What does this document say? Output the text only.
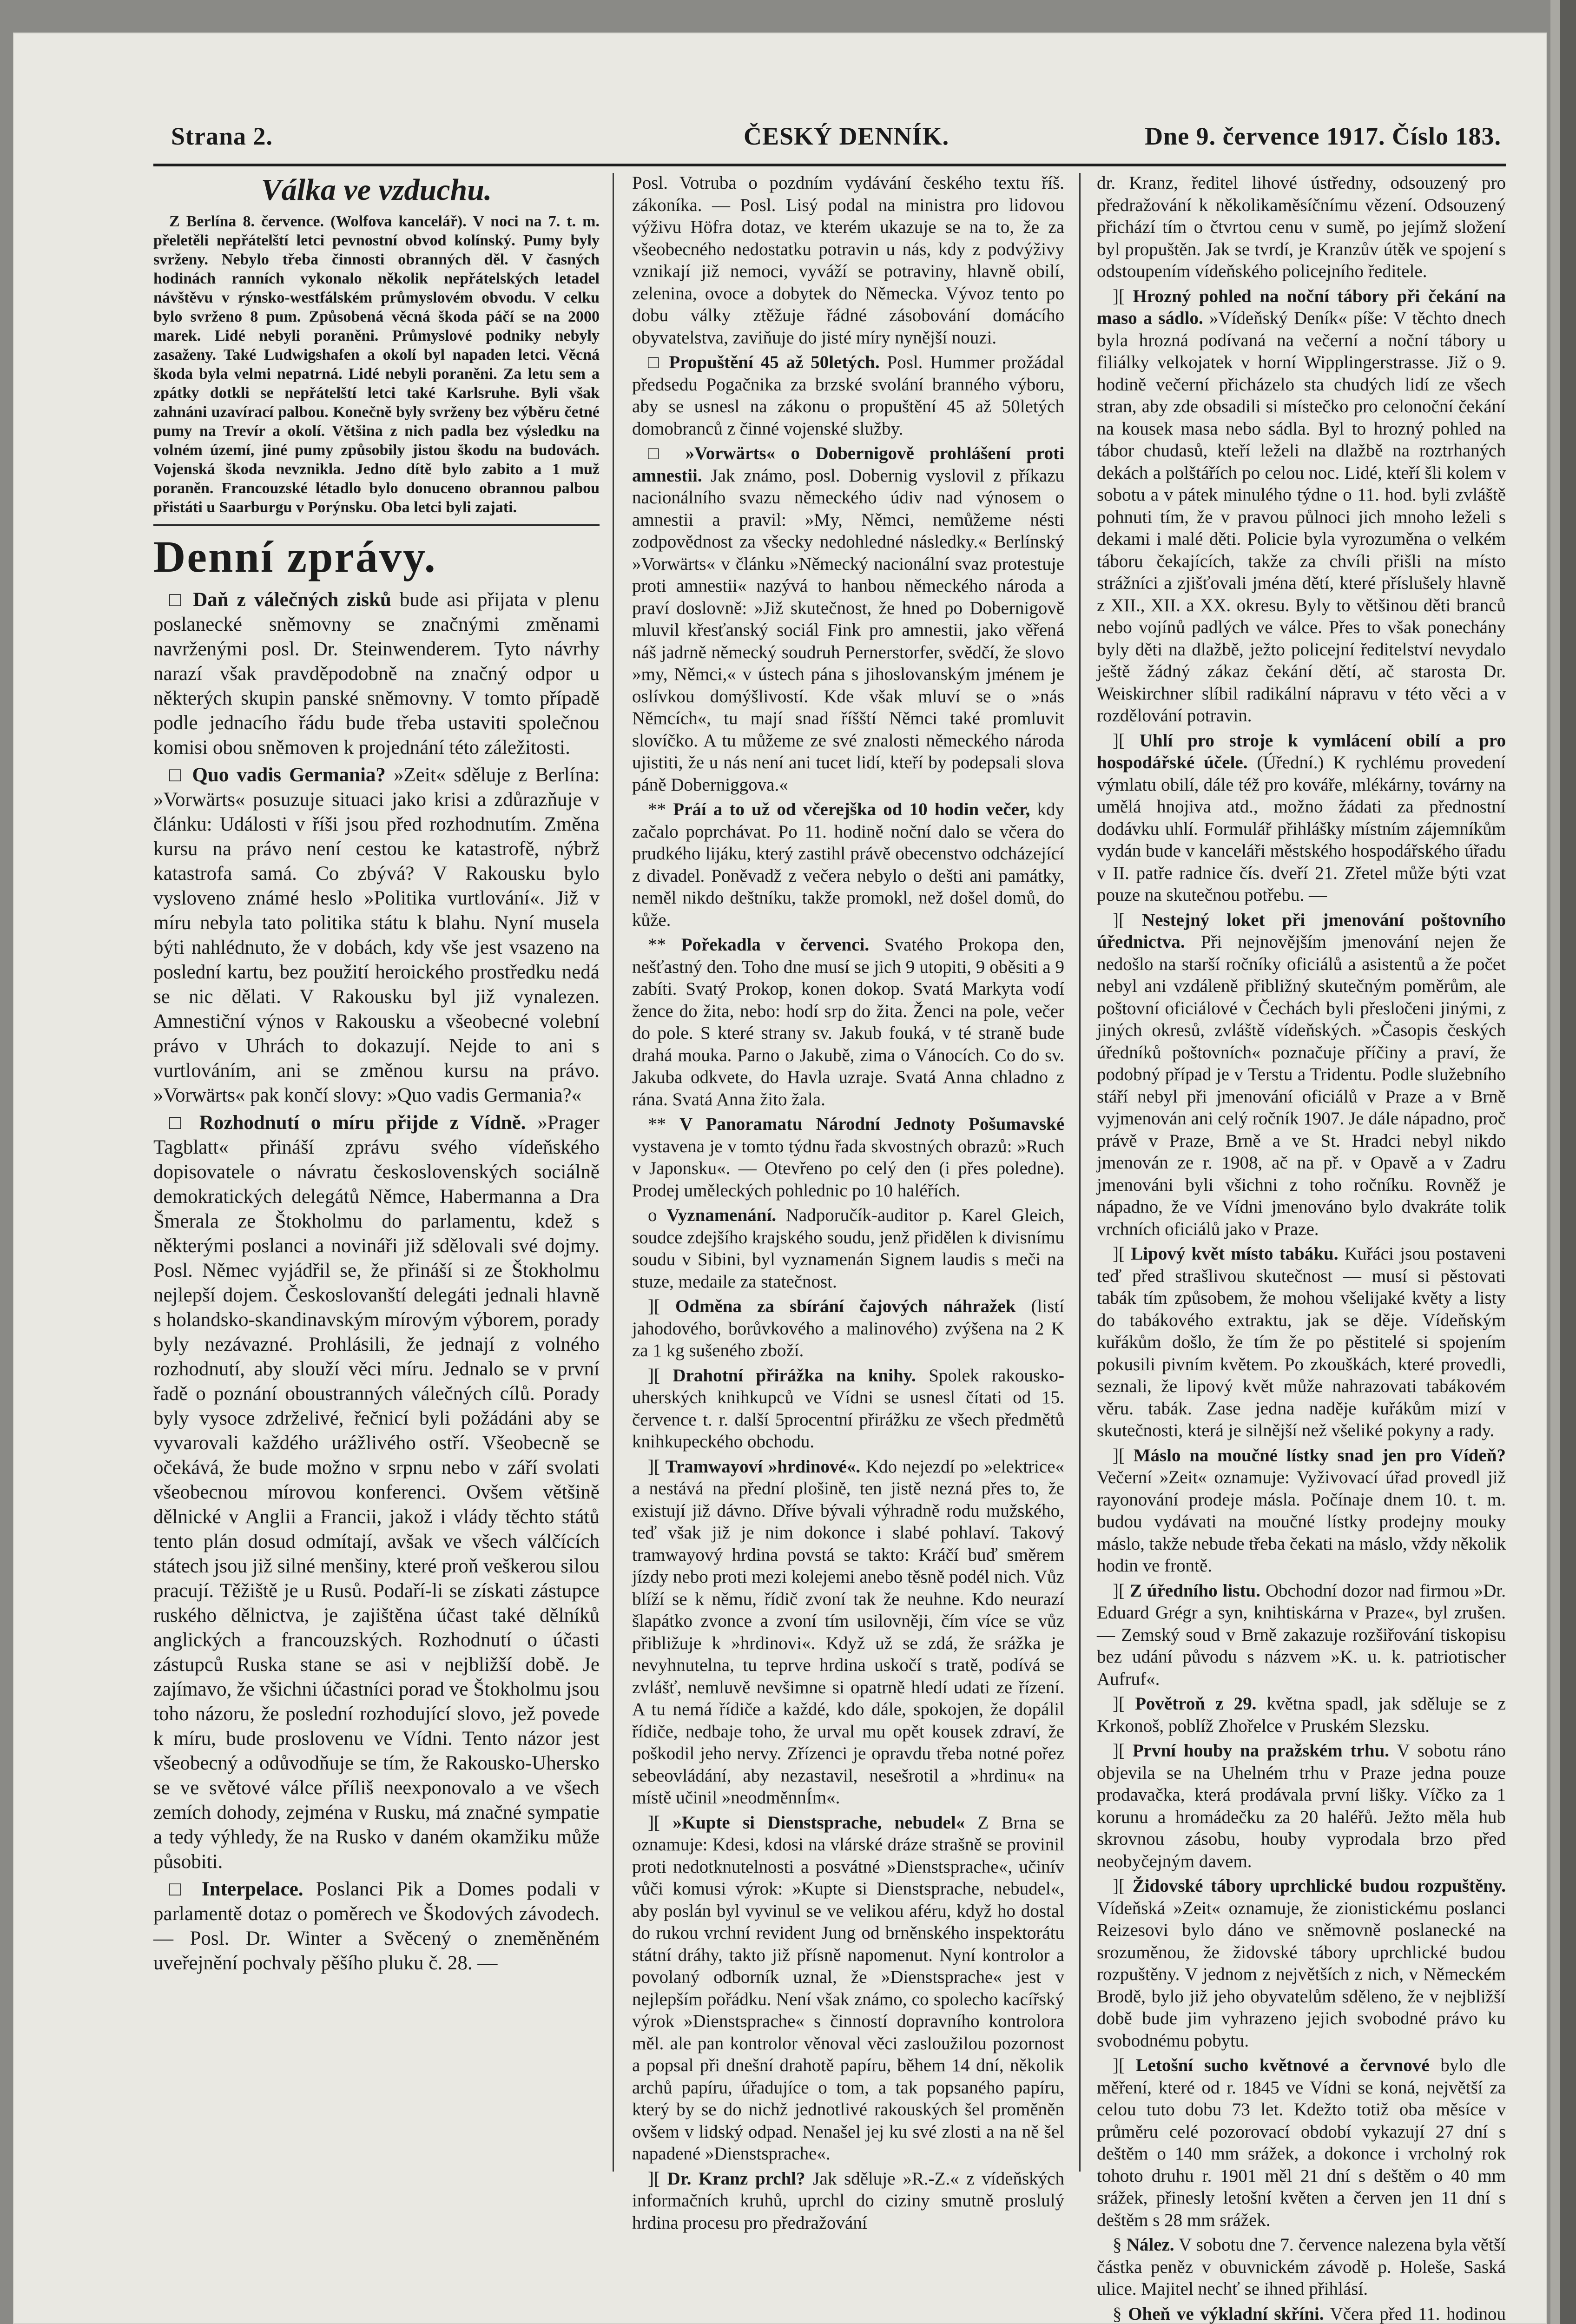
Strana 2.	ČESKÝ DENNÍK.	Dne 9. července 1917. Číslo 183.
Válka ve vzduchu.

Z Berlína 8. července. (Wolfova kancelář). V noci na 7. t. m. přeletěli nepřátelští letci pevnostní obvod kolínský. Pumy byly svrženy. Nebylo třeba činnosti obranných děl. V časných hodinách ranních vykonalo několik nepřátelských letadel návštěvu v rýnsko-westfálském průmyslovém obvodu. V celku bylo svrženo 8 pum. Způsobená věcná škoda páčí se na 2000 marek. Lidé nebyli poraněni. Průmyslové podniky nebyly zasaženy. Také Ludwigshafen a okolí byl napaden letci. Věcná škoda byla velmi nepatrná. Lidé nebyli poraněni. Za letu sem a zpátky dotkli se nepřátelští letci také Karlsruhe. Byli však zahnáni uzavírací palbou. Konečně byly svrženy bez výběru četné pumy na Trevír a okolí. Většina z nich padla bez výsledku na volném území, jiné pumy způsobily jistou škodu na budovách. Vojenská škoda nevznikla. Jedno dítě bylo zabito a 1 muž poraněn. Francouzské létadlo bylo donuceno obrannou palbou přistáti u Saarburgu v Porýnsku. Oba letci byli zajati.

Denní zprávy.

□ Daň z válečných zisků bude asi přijata v plenu poslanecké sněmovny se značnými změnami navrženými posl. Dr. Steinwenderem. Tyto návrhy narazí však pravděpodobně na značný odpor u některých skupin panské sněmovny. V tomto případě podle jednacího řádu bude třeba ustaviti společnou komisi obou sněmoven k projednání této záležitosti.

□ Quo vadis Germania? »Zeit« sděluje z Berlína: »Vorwärts« posuzuje situaci jako krisi a zdůrazňuje v článku: Události v říši jsou před rozhodnutím. Změna kursu na právo není cestou ke katastrofě, nýbrž katastrofa samá. Co zbývá? V Rakousku bylo vysloveno známé heslo »Politika vurtlování«. Již v míru nebyla tato politika státu k blahu. Nyní musela býti nahlédnuto, že v dobách, kdy vše jest vsazeno na poslední kartu, bez použití heroického prostředku nedá se nic dělati. V Rakousku byl již vynalezen. Amnestiční výnos v Rakousku a všeobecné volební právo v Uhrách to dokazují. Nejde to ani s vurtlováním, ani se změnou kursu na právo. »Vorwärts« pak končí slovy: »Quo vadis Germania?«

□ Rozhodnutí o míru přijde z Vídně. »Prager Tagblatt« přináší zprávu svého vídeňského dopisovatele o návratu československých sociálně demokratických delegátů Němce, Habermanna a Dra Šmerala ze Štokholmu do parlamentu, kdež s některými poslanci a novináři již sdělovali své dojmy. Posl. Němec vyjádřil se, že přináší si ze Štokholmu nejlepší dojem. Českoslovanští delegáti jednali hlavně s holandsko-skandinavským mírovým výborem, porady byly nezávazné. Prohlásili, že jednají z volného rozhodnutí, aby slouží věci míru. Jednalo se v první řadě o poznání oboustranných válečných cílů. Porady byly vysoce zdrželivé, řečnicí byli požádáni aby se vyvarovali každého urážlivého ostří. Všeobecně se očekává, že bude možno v srpnu nebo v září svolati všeobecnou mírovou konferenci. Ovšem většině dělnické v Anglii a Francii, jakož i vlády těchto států tento plán dosud odmítají, avšak ve všech válčících státech jsou již silné menšiny, které proň veškerou silou pracují. Těžiště je u Rusů. Podaří-li se získati zástupce ruského dělnictva, je zajištěna účast také dělníků anglických a francouzských. Rozhodnutí o účasti zástupců Ruska stane se asi v nejbližší době. Je zajímavo, že všichni účastníci porad ve Štokholmu jsou toho názoru, že poslední rozhodující slovo, jež povede k míru, bude proslovenu ve Vídni. Tento názor jest všeobecný a odůvodňuje se tím, že Rakousko-Uhersko se ve světové válce příliš neexponovalo a ve všech zemích dohody, zejména v Rusku, má značné sympatie a tedy výhledy, že na Rusko v daném okamžiku může působiti.

□ Interpelace. Poslanci Pik a Domes podali v parlamentě dotaz o poměrech ve Škodových závodech. — Posl. Dr. Winter a Svěcený o zneměněném uveřejnění pochvaly pěšího pluku č. 28. —

Posl. Votruba o pozdním vydávání českého textu říš. zákoníka. — Posl. Lisý podal na ministra pro lidovou výživu Höfra dotaz, ve kterém ukazuje se na to, že za všeobecného nedostatku potravin u nás, kdy z podvýživy vznikají již nemoci, vyváží se potraviny, hlavně obilí, zelenina, ovoce a dobytek do Německa. Vývoz tento po dobu války ztěžuje řádné zásobování domácího obyvatelstva, zaviňuje do jisté míry nynější nouzi.

□ Propuštění 45 až 50letých. Posl. Hummer prožádal předsedu Pogačnika za brzské svolání branného výboru, aby se usnesl na zákonu o propuštění 45 až 50letých domobranců z činné vojenské služby.

□ »Vorwärts« o Dobernigově prohlášení proti amnestii. Jak známo, posl. Dobernig vyslovil z příkazu nacionálního svazu německého údiv nad výnosem o amnestii a pravil: »My, Němci, nemůžeme nésti zodpovědnost za všecky nedohledné následky.« Berlínský »Vorwärts« v článku »Německý nacionální svaz protestuje proti amnestii« nazývá to hanbou německého národa a praví doslovně: »Již skutečnost, že hned po Dobernigově mluvil křesťanský sociál Fink pro amnestii, jako věřená náš jadrně německý soudruh Pernerstorfer, svědčí, že slovo »my, Němci,« v ústech pána s jihoslovanským jménem je oslívkou domýšlivostí. Kde však mluví se o »nás Němcích«, tu mají snad říšští Němci také promluvit slovíčko. A tu můžeme ze své znalosti německého národa ujistiti, že u nás není ani tucet lidí, kteří by podepsali slova páně Doberniggova.«

** Práí a to už od včerejška od 10 hodin večer, kdy začalo poprchávat. Po 11. hodině noční dalo se včera do prudkého lijáku, který zastihl právě obecenstvo odcházející z divadel. Poněvadž z večera nebylo o dešti ani památky, neměl nikdo deštníku, takže promokl, než došel domů, do kůže.

** Pořekadla v červenci. Svatého Prokopa den, nešťastný den. Toho dne musí se jich 9 utopiti, 9 oběsiti a 9 zabíti. Svatý Prokop, konen dokop. Svatá Markyta vodí žence do žita, nebo: hodí srp do žita. Ženci na pole, večer do pole. S které strany sv. Jakub fouká, v té straně bude drahá mouka. Parno o Jakubě, zima o Vánocích. Co do sv. Jakuba odkvete, do Havla uzraje. Svatá Anna chladno z rána. Svatá Anna žito žala.

** V Panoramatu Národní Jednoty Pošumavské vystavena je v tomto týdnu řada skvostných obrazů: »Ruch v Japonsku«. — Otevřeno po celý den (i přes poledne). Prodej uměleckých pohlednic po 10 haléřích.

o Vyznamenání. Nadporučík-auditor p. Karel Gleich, soudce zdejšího krajského soudu, jenž přidělen k divisnímu soudu v Sibini, byl vyznamenán Signem laudis s meči na stuze, medaile za statečnost.

][ Odměna za sbírání čajových náhražek (listí jahodového, borůvkového a malinového) zvýšena na 2 K za 1 kg sušeného zboží.

][ Drahotní přirážka na knihy. Spolek rakousko-uherských knihkupců ve Vídni se usnesl čítati od 15. července t. r. další 5procentní přirážku ze všech předmětů knihkupeckého obchodu.

][ Tramwayoví »hrdinové«. Kdo nejezdí po »elektrice« a nestává na přední plošině, ten jistě nezná přes to, že existují již dávno. Dříve bývali výhradně rodu mužského, teď však již je nim dokonce i slabé pohlaví. Takový tramwayový hrdina povstá se takto: Kráčí buď směrem jízdy nebo proti mezi kolejemi anebo těsně podél nich. Vůz blíží se k němu, řídič zvoní tak že neuhne. Kdo neurazí šlapátko zvonce a zvoní tím usilovněji, čím více se vůz přibližuje k »hrdinovi«. Když už se zdá, že srážka je nevyhnutelna, tu teprve hrdina uskočí s tratě, podívá se zvlášť, nemluvě nevšimne si opatrně hledí udati ze řízení. A tu nemá řídiče a každé, kdo dále, spokojen, že dopálil řídiče, nedbaje toho, že urval mu opět kousek zdraví, že poškodil jeho nervy. Zřízenci je opravdu třeba notné pořez sebeovládání, aby nezastavil, nesešrotil a »hrdinu« na místě učinil »neodměnnÍm«.

][ »Kupte si Dienstsprache, nebudel« Z Brna se oznamuje: Kdesi, kdosi na vlárské dráze strašně se provinil proti nedotknutelnosti a posvátné »Dienstsprache«, učinív vůči komusi výrok: »Kupte si Dienstsprache, nebudel«, aby poslán byl vyvinul se ve velikou aféru, když ho dostal do rukou vrchní revident Jung od brněnského inspektorátu státní dráhy, takto již přísně napomenut. Nyní kontrolor a povolaný odborník uznal, že »Dienstsprache« jest v nejlepším pořádku. Není však známo, co spolecho kacířský výrok »Dienstsprache« s činností dopravního kontrolora měl. ale pan kontrolor věnoval věci zasloužilou pozornost a popsal při dnešní drahotě papíru, během 14 dní, několik archů papíru, úřadujíce o tom, a tak popsaného papíru, který by se do nichž jednotlivé rakouských šel proměněn ovšem v lidský odpad. Nenašel jej ku své zlosti a na ně šel napadené »Dienstsprache«.

][ Dr. Kranz prchl? Jak sděluje »R.-Z.« z vídeňských informačních kruhů, uprchl do ciziny smutně proslulý hrdina procesu pro předražování

dr. Kranz, ředitel lihové ústředny, odsouzený pro předražování k několikaměsíčnímu vězení. Odsouzený přichází tím o čtvrtou cenu v sumě, po jejímž složení byl propuštěn. Jak se tvrdí, je Kranzův útěk ve spojení s odstoupením vídeňského policejního ředitele.

][ Hrozný pohled na noční tábory při čekání na maso a sádlo. »Vídeňský Deník« píše: V těchto dnech byla hrozná podívaná na večerní a noční tábory u filiálky velkojatek v horní Wipplingerstrasse. Již o 9. hodině večerní přicházelo sta chudých lidí ze všech stran, aby zde obsadili si místečko pro celonoční čekání na kousek masa nebo sádla. Byl to hrozný pohled na tábor chudasů, kteří leželi na dlažbě na roztrhaných dekách a polštářích po celou noc. Lidé, kteří šli kolem v sobotu a v pátek minulého týdne o 11. hod. byli zvláště pohnuti tím, že v pravou půlnoci jich mnoho leželi s dekami i malé děti. Policie byla vyrozuměna o velkém táboru čekajících, takže za chvíli přišli na místo strážníci a zjišťovali jména dětí, které příslušely hlavně z XII., XII. a XX. okresu. Byly to většinou děti branců nebo vojínů padlých ve válce. Přes to však ponechány byly děti na dlažbě, ježto policejní ředitelství nevydalo ještě žádný zákaz čekání dětí, ač starosta Dr. Weiskirchner slíbil radikální nápravu v této věci a v rozdělování potravin.

][ Uhlí pro stroje k vymlácení obilí a pro hospodářské účele. (Úřední.) K rychlému provedení výmlatu obilí, dále též pro kováře, mlékárny, továrny na umělá hnojiva atd., možno žádati za přednostní dodávku uhlí. Formulář přihlášky místním zájemníkům vydán bude v kanceláři městského hospodářského úřadu v II. patře radnice čís. dveří 21. Zřetel může býti vzat pouze na skutečnou potřebu. —

][ Nestejný loket při jmenování poštovního úřednictva. Při nejnovějším jmenování nejen že nedošlo na starší ročníky oficiálů a asistentů a že počet nebyl ani vzdáleně přibližný skutečným poměrům, ale poštovní oficiálové v Čechách byli přesločeni jinými, z jiných okresů, zvláště vídeňských. »Časopis českých úředníků poštovních« poznačuje příčiny a praví, že podobný případ je v Terstu a Tridentu. Podle služebního stáří nebyl při jmenování oficiálů v Praze a v Brně vyjmenován ani celý ročník 1907. Je dále nápadno, proč právě v Praze, Brně a ve St. Hradci nebyl nikdo jmenován ze r. 1908, ač na př. v Opavě a v Zadru jmenováni byli všichni z toho ročníku. Rovněž je nápadno, že ve Vídni jmenováno bylo dvakráte tolik vrchních oficiálů jako v Praze.

][ Lipový květ místo tabáku. Kuřáci jsou postaveni teď před strašlivou skutečnost — musí si pěstovati tabák tím způsobem, že mohou všelijaké květy a listy do tabákového extraktu, jak se děje. Vídeňským kuřákům došlo, že tím že po pěstitelé si spojením pokusili pivním květem. Po zkouškách, které provedli, seznali, že lipový květ může nahrazovati tabákovém věru. tabák. Zase jedna naděje kuřákům mizí v skutečnosti, která je silnější než všeliké pokyny a rady.

][ Máslo na moučné lístky snad jen pro Vídeň? Večerní »Zeit« oznamuje: Vyživovací úřad provedl již rayonování prodeje másla. Počínaje dnem 10. t. m. budou vydávati na moučné lístky prodejny mouky máslo, takže nebude třeba čekati na máslo, vždy několik hodin ve frontě.

][ Z úředního listu. Obchodní dozor nad firmou »Dr. Eduard Grégr a syn, knihtiskárna v Praze«, byl zrušen. — Zemský soud v Brně zakazuje rozšiřování tiskopisu bez udání původu s názvem »K. u. k. patriotischer Aufruf«.

][ Povětroň z 29. května spadl, jak sděluje se z Krkonoš, poblíž Zhořelce v Pruském Slezsku.

][ První houby na pražském trhu. V sobotu ráno objevila se na Uhelném trhu v Praze jedna pouze prodavačka, která prodávala první lišky. Víčko za 1 korunu a hromádečku za 20 haléřů. Ježto měla hub skrovnou zásobu, houby vyprodala brzo před neobyčejným davem.

][ Židovské tábory uprchlické budou rozpuštěny. Vídeňská »Zeit« oznamuje, že zionistickému poslanci Reizesovi bylo dáno ve sněmovně poslanecké na srozuměnou, že židovské tábory uprchlické budou rozpuštěny. V jednom z největších z nich, v Německém Brodě, bylo již jeho obyvatelům sděleno, že v nejbližší době bude jim vyhrazeno jejich svobodné právo ku svobodnému pobytu.

][ Letošní sucho květnové a červnové bylo dle měření, které od r. 1845 ve Vídni se koná, největší za celou tuto dobu 73 let. Kdežto totiž oba měsíce v průměru celé pozorovací období vykazují 27 dní s deštěm o 140 mm srážek, a dokonce i vrcholný rok tohoto druhu r. 1901 měl 21 dní s deštěm o 40 mm srážek, přinesly letošní květen a červen jen 11 dní s deštěm s 28 mm srážek.

§ Nález. V sobotu dne 7. července nalezena byla větší částka peněz v obuvnickém závodě p. Holeše, Saská ulice. Majitel nechť se ihned přihlásí.

§ Oheň ve výkladní skříni. Včera před 11. hodinou
